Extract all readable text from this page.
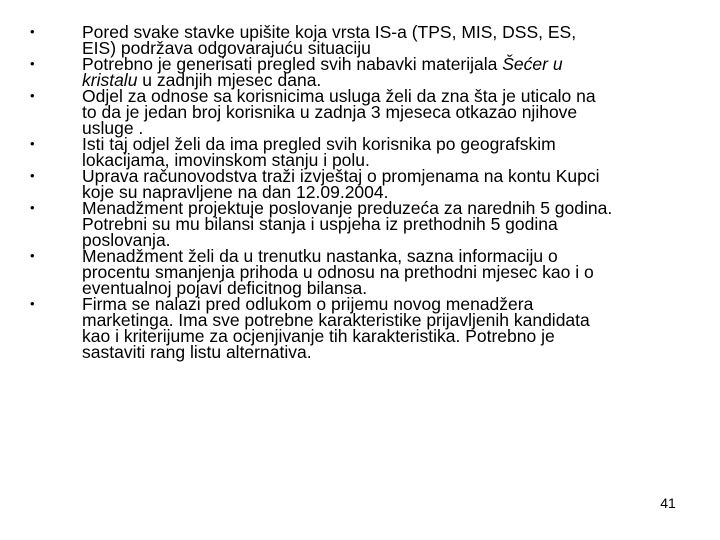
•	Pored svake stavke upišite koja vrsta IS-a (TPS, MIS, DSS, ES,
EIS) podržava odgovarajuću situaciju
•	Potrebno je generisati pregled svih nabavki materijala Šećer u
kristalu u zadnjih mjesec dana.
•	Odjel za odnose sa korisnicima usluga želi da zna šta je uticalo na
to da je jedan broj korisnika u zadnja 3 mjeseca otkazao njihove
usluge .
•	Isti taj odjel želi da ima pregled svih korisnika po geografskim
lokacijama, imovinskom stanju i polu.
•	Uprava računovodstva traži izvještaj o promjenama na kontu Kupci
koje su napravljene na dan 12.09.2004.
•	Menadžment projektuje poslovanje preduzeća za narednih 5 godina.
Potrebni su mu bilansi stanja i uspjeha iz prethodnih 5 godina
poslovanja.
•	Menadžment želi da u trenutku nastanka, sazna informaciju o
procentu smanjenja prihoda u odnosu na prethodni mjesec kao i o
eventualnoj pojavi deficitnog bilansa.
•	Firma se nalazi pred odlukom o prijemu novog menadžera
marketinga. Ima sve potrebne karakteristike prijavljenih kandidata
kao i kriterijume za ocjenjivanje tih karakteristika. Potrebno je
sastaviti rang listu alternativa.
41
